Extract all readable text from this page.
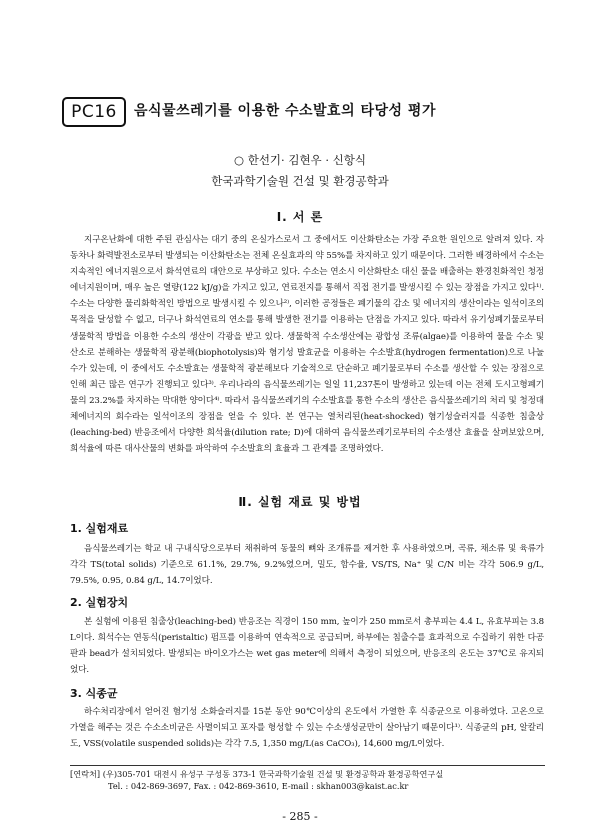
PC16	음식물쓰레기를 이용한 수소발효의 타당성 평가
○ 한선기· 김현우 · 신항식
한국과학기술원 건설 및 환경공학과
Ⅰ. 서 론
지구온난화에 대한 주된 관심사는 대기 중의 온실가스로서 그 중에서도 이산화탄소는 가장 주요한 원인으로 알려져 있다. 자동차나 화력발전소로부터 발생되는 이산화탄소는 전체 온실효과의 약 55%를 차지하고 있기 때문이다. 그러한 배경하에서 수소는 지속적인 에너지원으로서 화석연료의 대안으로 부상하고 있다. 수소는 연소시 이산화탄소 대신 물을 배출하는 환경친화적인 청정에너지원이며, 매우 높은 열량(122 kJ/g)을 가지고 있고, 연료전지를 통해서 직접 전기를 발생시킬 수 있는 장점을 가지고 있다¹⁾. 수소는 다양한 물리화학적인 방법으로 발생시킬 수 있으나²⁾, 이러한 공정들은 폐기물의 감소 및 에너지의 생산이라는 일석이조의 목적을 달성할 수 없고, 더구나 화석연료의 연소를 통해 발생한 전기를 이용하는 단점을 가지고 있다. 따라서 유기성폐기물로부터 생물학적 방법을 이용한 수소의 생산이 각광을 받고 있다. 생물학적 수소생산에는 광합성 조류(algae)를 이용하여 물을 수소 및 산소로 분해하는 생물학적 광분해(biophotolysis)와 혐기성 발효균을 이용하는 수소발효(hydrogen fermentation)으로 나눌 수가 있는데, 이 중에서도 수소발효는 생물학적 광분해보다 기술적으로 단순하고 폐기물로부터 수소를 생산할 수 있는 장점으로 인해 최근 많은 연구가 진행되고 있다³⁾. 우리나라의 음식물쓰레기는 일일 11,237톤이 발생하고 있는데 이는 전체 도시고형폐기물의 23.2%를 차지하는 막대한 양이다⁴⁾. 따라서 음식물쓰레기의 수소발효를 통한 수소의 생산은 음식물쓰레기의 처리 및 청정대체에너지의 회수라는 일석이조의 장점을 얻을 수 있다. 본 연구는 열처리된(heat-shocked) 혐기성슬러지를 식종한 침출상(leaching-bed) 반응조에서 다양한 희석율(dilution rate; D)에 대하여 음식물쓰레기로부터의 수소생산 효율을 살펴보았으며, 희석율에 따른 대사산물의 변화를 파악하여 수소발효의 효율과 그 관계를 조명하였다.
Ⅱ. 실험 재료 및 방법
1. 실험재료
음식물쓰레기는 학교 내 구내식당으로부터 채취하여 동물의 뼈와 조개류를 제거한 후 사용하였으며, 곡류, 채소류 및 육류가 각각 TS(total solids) 기준으로 61.1%, 29.7%, 9.2%였으며, 밀도, 함수율, VS/TS, Na⁺ 및 C/N 비는 각각 506.9 g/L, 79.5%, 0.95, 0.84 g/L, 14.7이었다.
2. 실험장치
본 실험에 이용된 침출상(leaching-bed) 반응조는 직경이 150 mm, 높이가 250 mm로서 총부피는 4.4 L, 유효부피는 3.8 L이다. 희석수는 연동식(peristaltic) 펌프를 이용하여 연속적으로 공급되며, 하부에는 침출수를 효과적으로 수집하기 위한 다공판과 bead가 설치되었다. 발생되는 바이오가스는 wet gas meter에 의해서 측정이 되었으며, 반응조의 온도는 37℃로 유지되었다.
3. 식종균
하수처리장에서 얻어진 혐기성 소화슬러지를 15분 동안 90℃이상의 온도에서 가열한 후 식종균으로 이용하였다. 고온으로 가열을 해주는 것은 수소소비균은 사멸이되고 포자를 형성할 수 있는 수소생성균만이 살아남기 때문이다¹⁾. 식종균의 pH, 알칼리도, VSS(volatile suspended solids)는 각각 7.5, 1,350 mg/L(as CaCO₃), 14,600 mg/L이었다.
[연락처] (우)305-701 대전시 유성구 구성동 373-1 한국과학기술원 건설 및 환경공학과 환경공학연구실
Tel. : 042-869-3697, Fax. : 042-869-3610, E-mail : skhan003@kaist.ac.kr
- 285 -
